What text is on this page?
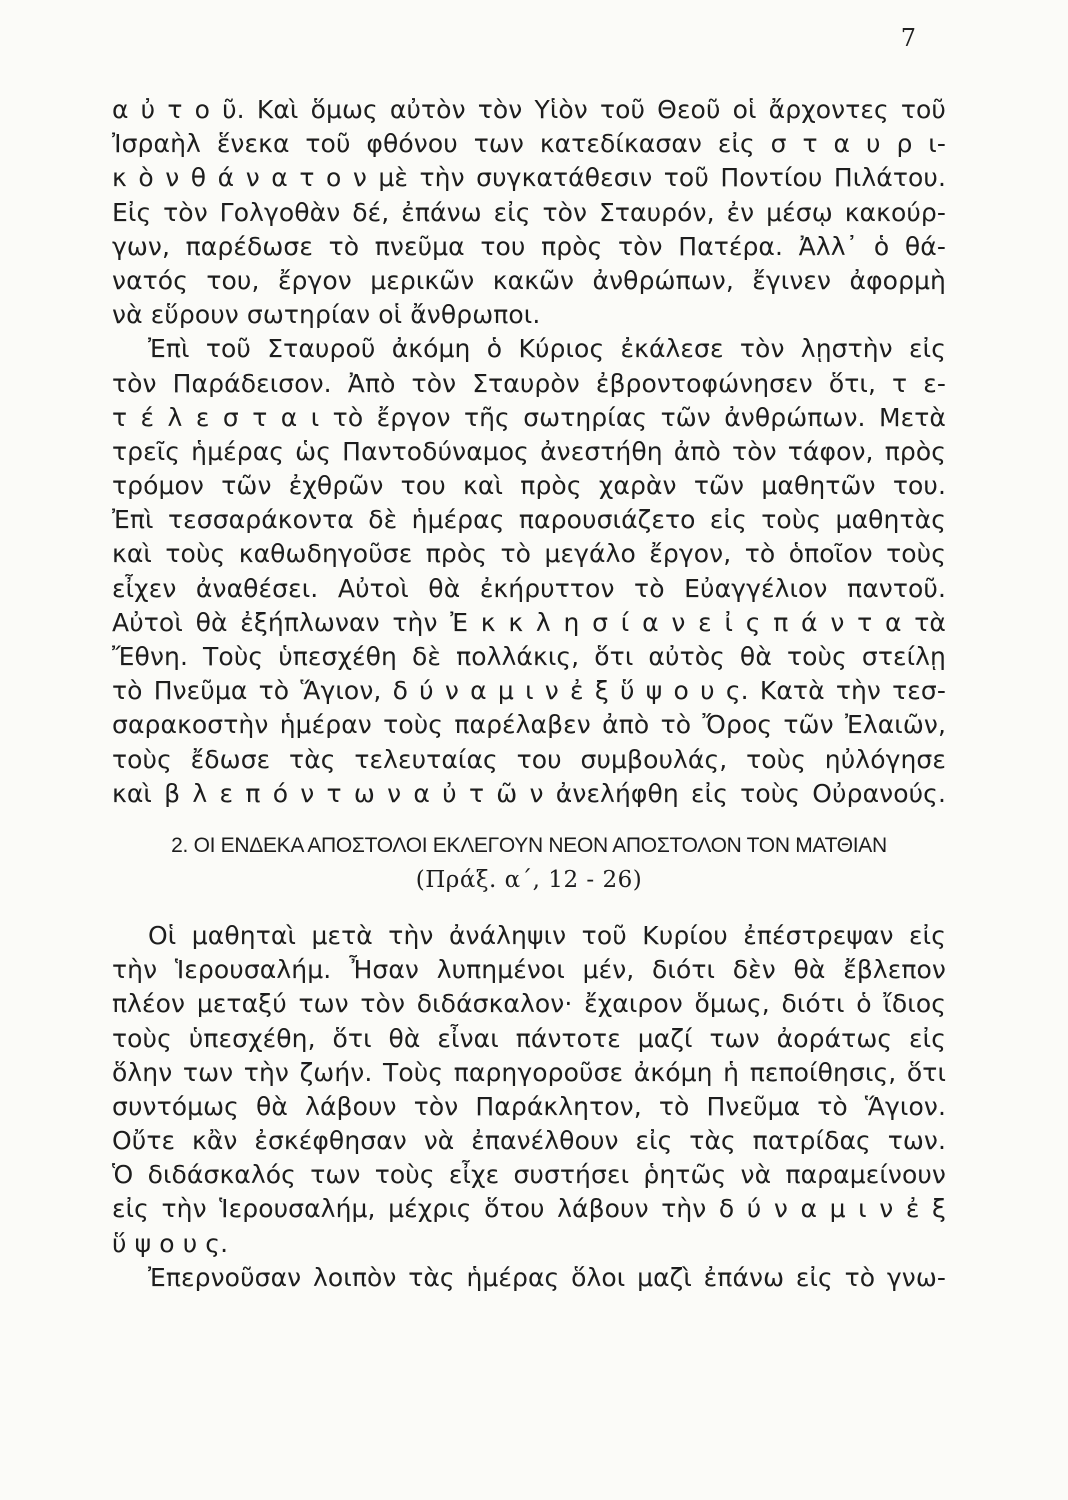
7
α ὐ τ ο ῦ. Καὶ ὅμως αὐτὸν τὸν Υἱὸν τοῦ Θεοῦ οἱ ἄρχοντες τοῦ
Ἰσραὴλ ἕνεκα τοῦ φθόνου των κατεδίκασαν εἰς σ τ α υ ρ ι-
κ ὸ ν θ ά ν α τ ο ν μὲ τὴν συγκατάθεσιν τοῦ Ποντίου Πιλάτου.
Εἰς τὸν Γολγοθὰν δέ, ἐπάνω εἰς τὸν Σταυρόν, ἐν μέσῳ κακούρ-
γων, παρέδωσε τὸ πνεῦμα του πρὸς τὸν Πατέρα. Ἀλλ᾽ ὁ θά-
νατός του, ἔργον μερικῶν κακῶν ἀνθρώπων, ἔγινεν ἀφορμὴ
νὰ εὕρουν σωτηρίαν οἱ ἄνθρωποι.
Ἐπὶ τοῦ Σταυροῦ ἀκόμη ὁ Κύριος ἐκάλεσε τὸν λῃστὴν εἰς
τὸν Παράδεισον. Ἀπὸ τὸν Σταυρὸν ἐβροντοφώνησεν ὅτι, τ ε-
τ έ λ ε σ τ α ι τὸ ἔργον τῆς σωτηρίας τῶν ἀνθρώπων. Μετὰ
τρεῖς ἡμέρας ὡς Παντοδύναμος ἀνεστήθη ἀπὸ τὸν τάφον, πρὸς
τρόμον τῶν ἐχθρῶν του καὶ πρὸς χαρὰν τῶν μαθητῶν του.
Ἐπὶ τεσσαράκοντα δὲ ἡμέρας παρουσιάζετο εἰς τοὺς μαθητὰς
καὶ τοὺς καθωδηγοῦσε πρὸς τὸ μεγάλο ἔργον, τὸ ὁποῖον τοὺς
εἶχεν ἀναθέσει. Αὐτοὶ θὰ ἐκήρυττον τὸ Εὐαγγέλιον παντοῦ.
Αὐτοὶ θὰ ἐξήπλωναν τὴν Ἐ κ κ λ η σ ί α ν ε ἰ ς π ά ν τ α τὰ
Ἔθνη. Τοὺς ὑπεσχέθη δὲ πολλάκις, ὅτι αὐτὸς θὰ τοὺς στείλῃ
τὸ Πνεῦμα τὸ Ἅγιον, δ ύ ν α μ ι ν ἐ ξ ὕ ψ ο υ ς. Κατὰ τὴν τεσ-
σαρακοστὴν ἡμέραν τοὺς παρέλαβεν ἀπὸ τὸ Ὄρος τῶν Ἐλαιῶν,
τοὺς ἔδωσε τὰς τελευταίας του συμβουλάς, τοὺς ηὐλόγησε
καὶ β λ ε π ό ν τ ω ν α ὐ τ ῶ ν ἀνελήφθη εἰς τοὺς Οὐρανούς.
2. ΟΙ ΕΝΔΕΚΑ ΑΠΟΣΤΟΛΟΙ ΕΚΛΕΓΟΥΝ ΝΕΟΝ ΑΠΟΣΤΟΛΟΝ ΤΟΝ ΜΑΤΘΙΑΝ
(Πράξ. α΄, 12 - 26)
Οἱ μαθηταὶ μετὰ τὴν ἀνάληψιν τοῦ Κυρίου ἐπέστρεψαν εἰς
τὴν Ἱερουσαλήμ. Ἦσαν λυπημένοι μέν, διότι δὲν θὰ ἔβλεπον
πλέον μεταξύ των τὸν διδάσκαλον· ἔχαιρον ὅμως, διότι ὁ ἴδιος
τοὺς ὑπεσχέθη, ὅτι θὰ εἶναι πάντοτε μαζί των ἀοράτως εἰς
ὅλην των τὴν ζωήν. Τοὺς παρηγοροῦσε ἀκόμη ἡ πεποίθησις, ὅτι
συντόμως θὰ λάβουν τὸν Παράκλητον, τὸ Πνεῦμα τὸ Ἅγιον.
Οὔτε κἂν ἐσκέφθησαν νὰ ἐπανέλθουν εἰς τὰς πατρίδας των.
Ὁ διδάσκαλός των τοὺς εἶχε συστήσει ῥητῶς νὰ παραμείνουν
εἰς τὴν Ἱερουσαλήμ, μέχρις ὅτου λάβουν τὴν δ ύ ν α μ ι ν ἐ ξ
ὕ ψ ο υ ς.
Ἐπερνοῦσαν λοιπὸν τὰς ἡμέρας ὅλοι μαζὶ ἐπάνω εἰς τὸ γνω-
